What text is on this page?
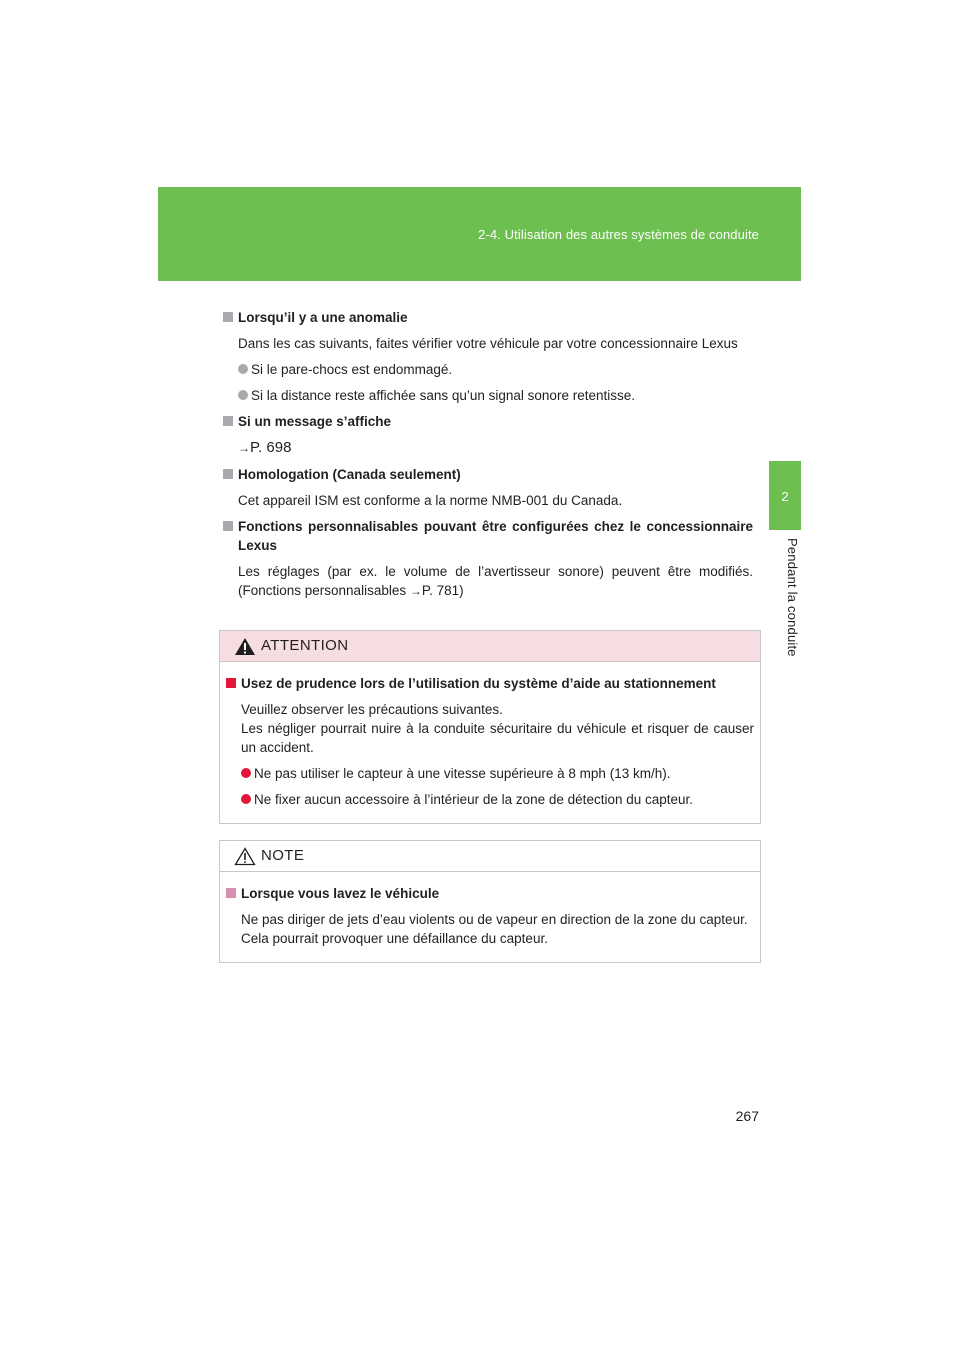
2-4. Utilisation des autres systèmes de conduite
2
Pendant la conduite
Lorsqu’il y a une anomalie
Dans les cas suivants, faites vérifier votre véhicule par votre concessionnaire Lexus
Si le pare-chocs est endommagé.
Si la distance reste affichée sans qu’un signal sonore retentisse.
Si un message s’affiche
→P. 698
Homologation (Canada seulement)
Cet appareil ISM est conforme a la norme NMB-001 du Canada.
Fonctions personnalisables pouvant être configurées chez le concessionnaire Lexus
Les réglages (par ex. le volume de l’avertisseur sonore) peuvent être modifiés. (Fonctions personnalisables →P. 781)
ATTENTION
Usez de prudence lors de l’utilisation du système d’aide au stationnement
Veuillez observer les précautions suivantes.
Les négliger pourrait nuire à la conduite sécuritaire du véhicule et risquer de causer un accident.
Ne pas utiliser le capteur à une vitesse supérieure à 8 mph (13 km/h).
Ne fixer aucun accessoire à l’intérieur de la zone de détection du capteur.
NOTE
Lorsque vous lavez le véhicule
Ne pas diriger de jets d’eau violents ou de vapeur en direction de la zone du capteur.
Cela pourrait provoquer une défaillance du capteur.
267
